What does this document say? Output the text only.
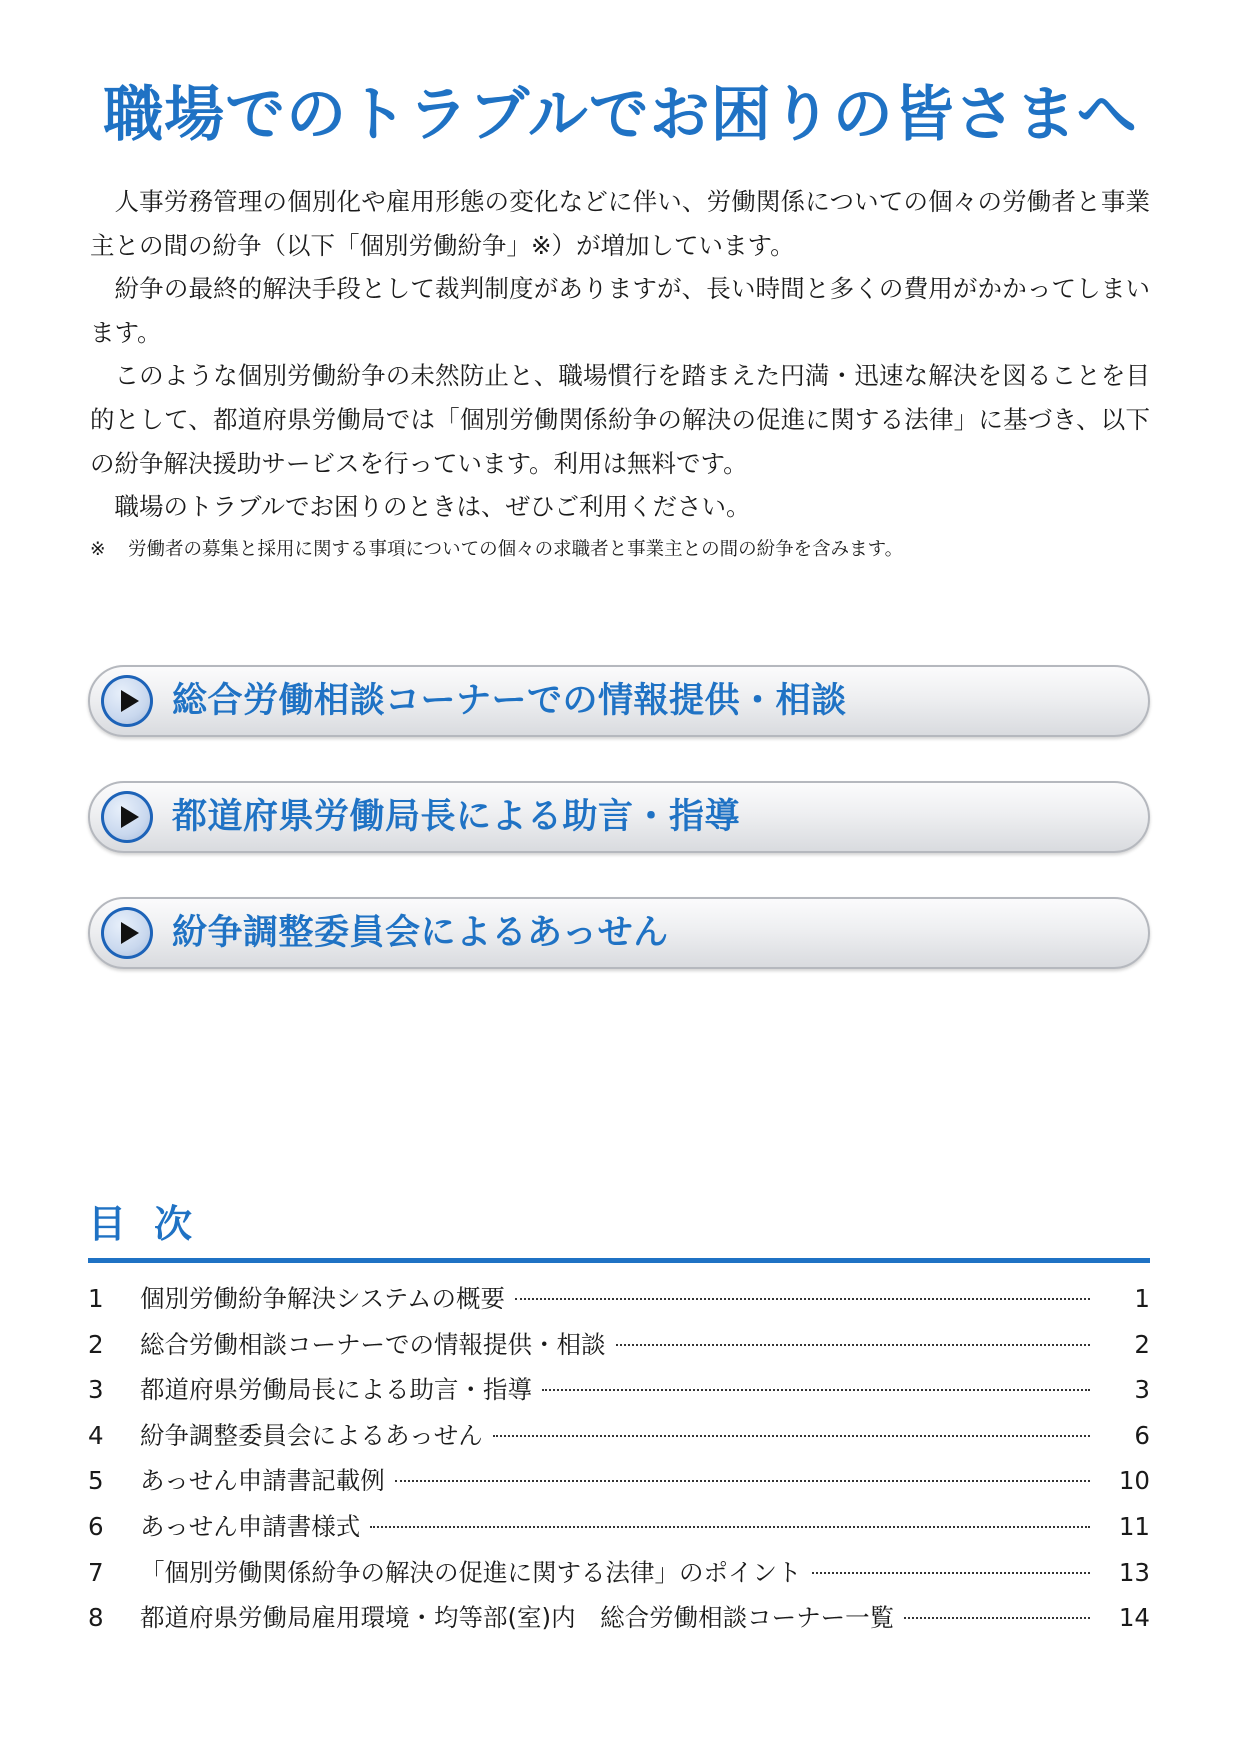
職場でのトラブルでお困りの皆さまへ

人事労務管理の個別化や雇用形態の変化などに伴い、労働関係についての個々の労働者と事業主との間の紛争（以下「個別労働紛争」※）が増加しています。

紛争の最終的解決手段として裁判制度がありますが、長い時間と多くの費用がかかってしまいます。

このような個別労働紛争の未然防止と、職場慣行を踏まえた円満・迅速な解決を図ることを目的として、都道府県労働局では「個別労働関係紛争の解決の促進に関する法律」に基づき、以下の紛争解決援助サービスを行っています。利用は無料です。

職場のトラブルでお困りのときは、ぜひご利用ください。

※ 労働者の募集と採用に関する事項についての個々の求職者と事業主との間の紛争を含みます。
総合労働相談コーナーでの情報提供・相談
都道府県労働局長による助言・指導
紛争調整委員会によるあっせん
目次
1	個別労働紛争解決システムの概要	1
2	総合労働相談コーナーでの情報提供・相談	2
3	都道府県労働局長による助言・指導	3
4	紛争調整委員会によるあっせん	6
5	あっせん申請書記載例	10
6	あっせん申請書様式	11
7	「個別労働関係紛争の解決の促進に関する法律」のポイント	13
8	都道府県労働局雇用環境・均等部(室)内　総合労働相談コーナー一覧	14
